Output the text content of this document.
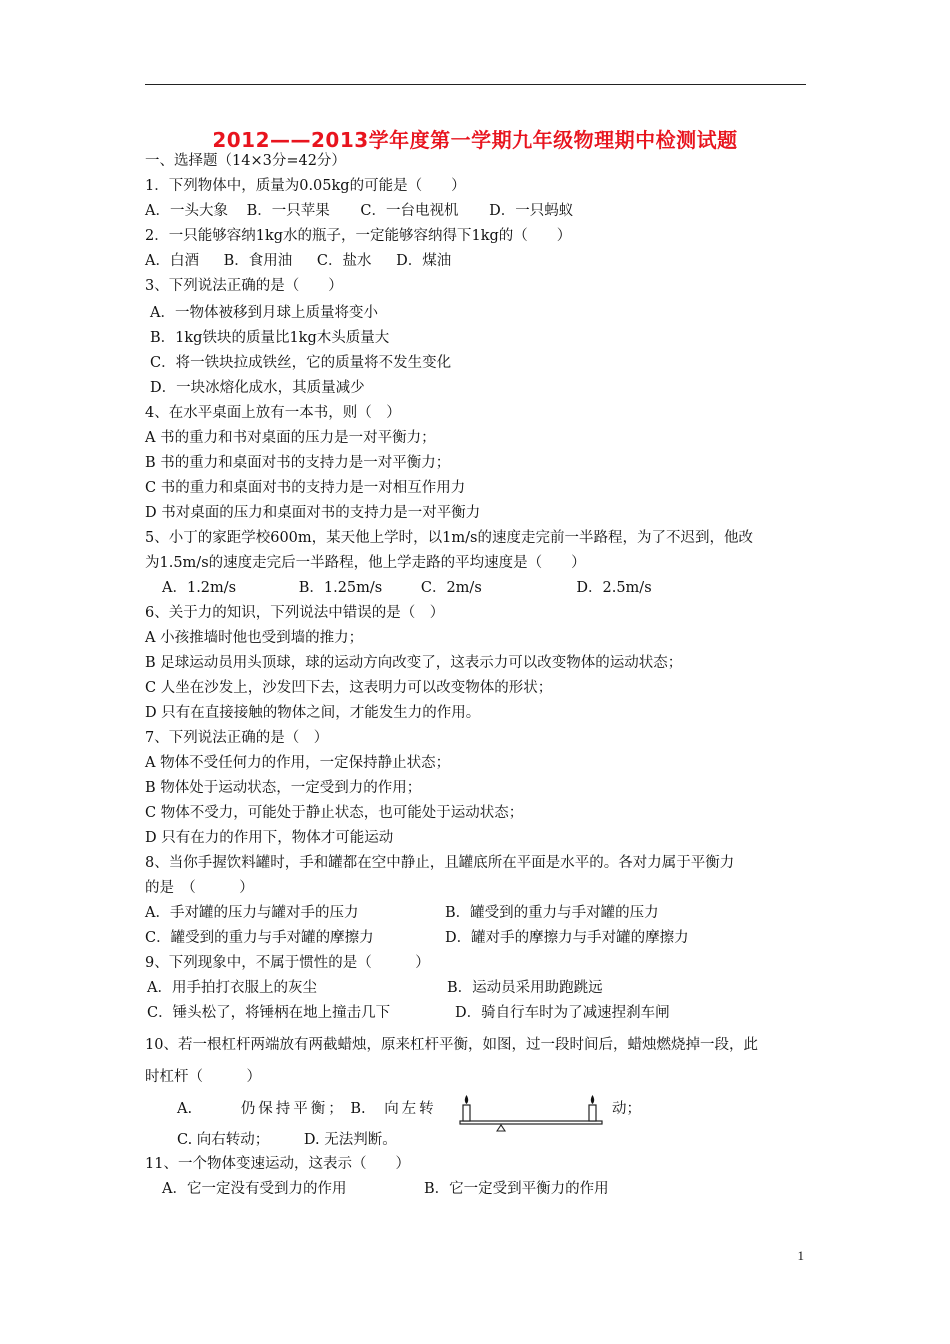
2012——2013学年度第一学期九年级物理期中检测试题
一、选择题（14×3分=42分）
1．下列物体中，质量为0.05kg的可能是（　　）
A．一头大象 B．一只苹果 C．一台电视机 D．一只蚂蚁
2．一只能够容纳1kg水的瓶子，一定能够容纳得下1kg的（　　）
A．白酒 B．食用油 C．盐水 D．煤油
3、下列说法正确的是（　　）
A．一物体被移到月球上质量将变小
B．1kg铁块的质量比1kg木头质量大
C．将一铁块拉成铁丝，它的质量将不发生变化
D．一块冰熔化成水，其质量减少
4、在水平桌面上放有一本书，则（　）
A 书的重力和书对桌面的压力是一对平衡力；
B 书的重力和桌面对书的支持力是一对平衡力；
C 书的重力和桌面对书的支持力是一对相互作用力
D 书对桌面的压力和桌面对书的支持力是一对平衡力
5、小丁的家距学校600m，某天他上学时，以1m/s的速度走完前一半路程，为了不迟到，他改
为1.5m/s的速度走完后一半路程，他上学走路的平均速度是（　　）
A．1.2m/s	B．1.25m/s	C．2m/s	D．2.5m/s
6、关于力的知识，下列说法中错误的是（　）
A 小孩推墙时他也受到墙的推力；
B 足球运动员用头顶球，球的运动方向改变了，这表示力可以改变物体的运动状态；
C 人坐在沙发上，沙发凹下去，这表明力可以改变物体的形状；
D 只有在直接接触的物体之间，才能发生力的作用。
7、下列说法正确的是（　）
A 物体不受任何力的作用，一定保持静止状态；
B 物体处于运动状态，一定受到力的作用；
C 物体不受力，可能处于静止状态，也可能处于运动状态；
D 只有在力的作用下，物体才可能运动
8、当你手握饮料罐时，手和罐都在空中静止，且罐底所在平面是水平的。各对力属于平衡力
的是　（　　　）
A．手对罐的压力与罐对手的压力	B．罐受到的重力与手对罐的压力
C．罐受到的重力与手对罐的摩擦力	D．罐对手的摩擦力与手对罐的摩擦力
9、下列现象中，不属于惯性的是（　　　）
A．用手拍打衣服上的灰尘	B．运动员采用助跑跳远
C．锤头松了，将锤柄在地上撞击几下	D．骑自行车时为了减速捏刹车闸
10、若一根杠杆两端放有两截蜡烛，原来杠杆平衡，如图，过一段时间后，蜡烛燃烧掉一段，此
时杠杆（　　　）
A.	仍保持平衡； B. 向左转	动；
C. 向右转动； D. 无法判断。
11、一个物体变速运动，这表示（　　）
A．它一定没有受到力的作用	B．它一定受到平衡力的作用
1
